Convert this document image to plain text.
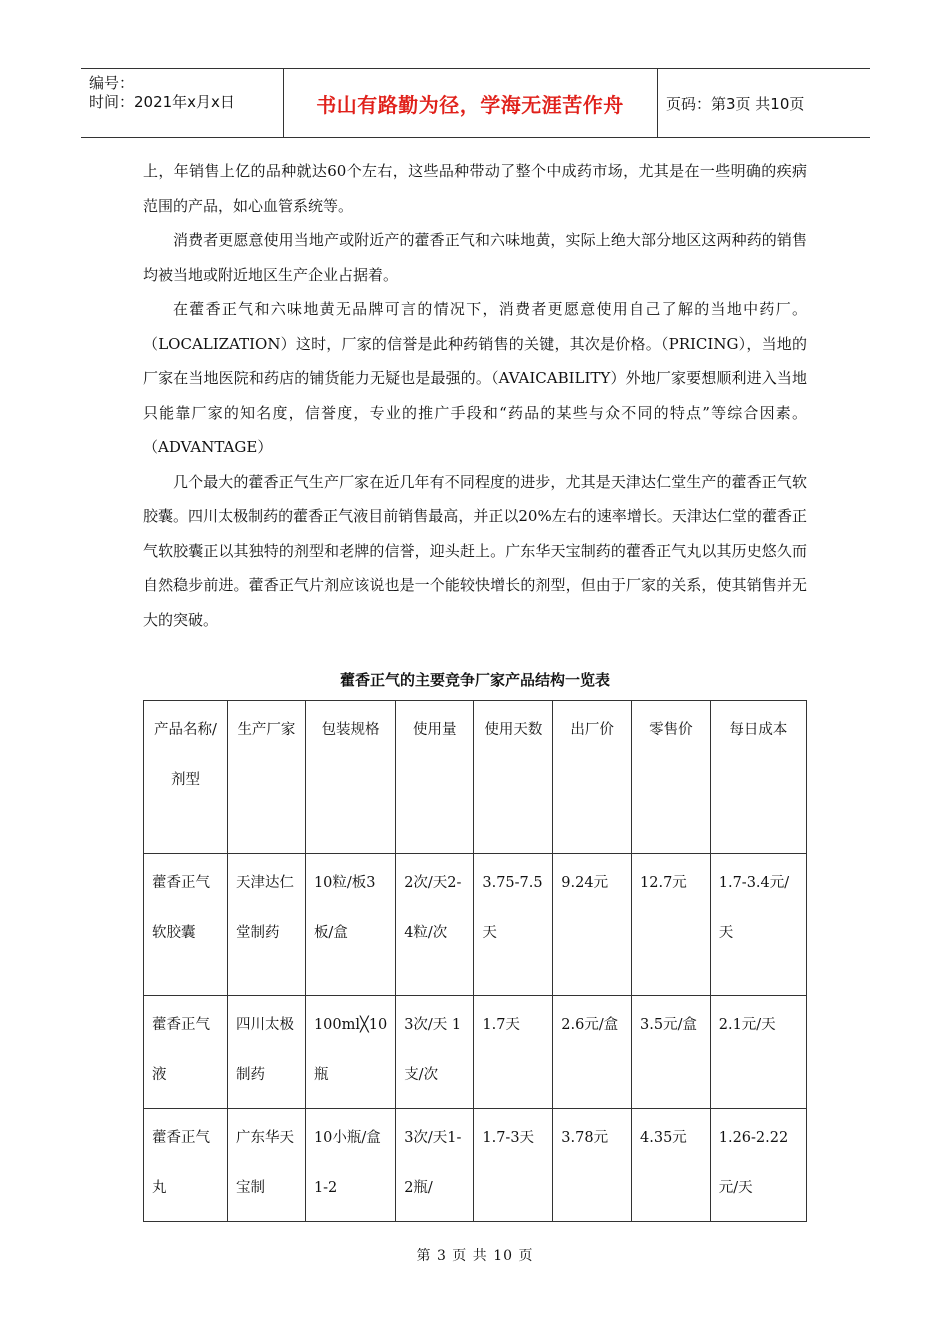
编号：
时间：2021年x月x日	书山有路勤为径，学海无涯苦作舟	页码：第3页 共10页

上，年销售上亿的品种就达60个左右，这些品种带动了整个中成药市场，尤其是在一些明确的疾病范围的产品，如心血管系统等。

消费者更愿意使用当地产或附近产的藿香正气和六味地黄，实际上绝大部分地区这两种药的销售均被当地或附近地区生产企业占据着。

在藿香正气和六味地黄无品牌可言的情况下，消费者更愿意使用自己了解的当地中药厂。（LOCALIZATION）这时，厂家的信誉是此种药销售的关键，其次是价格。（PRICING），当地的厂家在当地医院和药店的铺货能力无疑也是最强的。（AVAICABILITY）外地厂家要想顺利进入当地只能靠厂家的知名度，信誉度，专业的推广手段和“药品的某些与众不同的特点”等综合因素。（ADVANTAGE）

几个最大的藿香正气生产厂家在近几年有不同程度的进步，尤其是天津达仁堂生产的藿香正气软胶囊。四川太极制药的藿香正气液目前销售最高，并正以20%左右的速率增长。天津达仁堂的藿香正气软胶囊正以其独特的剂型和老牌的信誉，迎头赶上。广东华天宝制药的藿香正气丸以其历史悠久而自然稳步前进。藿香正气片剂应该说也是一个能较快增长的剂型，但由于厂家的关系，使其销售并无大的突破。

藿香正气的主要竞争厂家产品结构一览表
产品名称/剂型	生产厂家	包装规格	使用量	使用天数	出厂价	零售价	每日成本
藿香正气软胶囊	天津达仁堂制药	10粒/板3板/盒	2次/天2-4粒/次	3.75-7.5天	9.24元	12.7元	1.7-3.4元/天
藿香正气液	四川太极制药	100ml╳10瓶	3次/天 1支/次	1.7天	2.6元/盒	3.5元/盒	2.1元/天
藿香正气丸	广东华天宝制	10小瓶/盒 1-2	3次/天1-2瓶/	1.7-3天	3.78元	4.35元	1.26-2.22元/天
第 3 页 共 10 页
